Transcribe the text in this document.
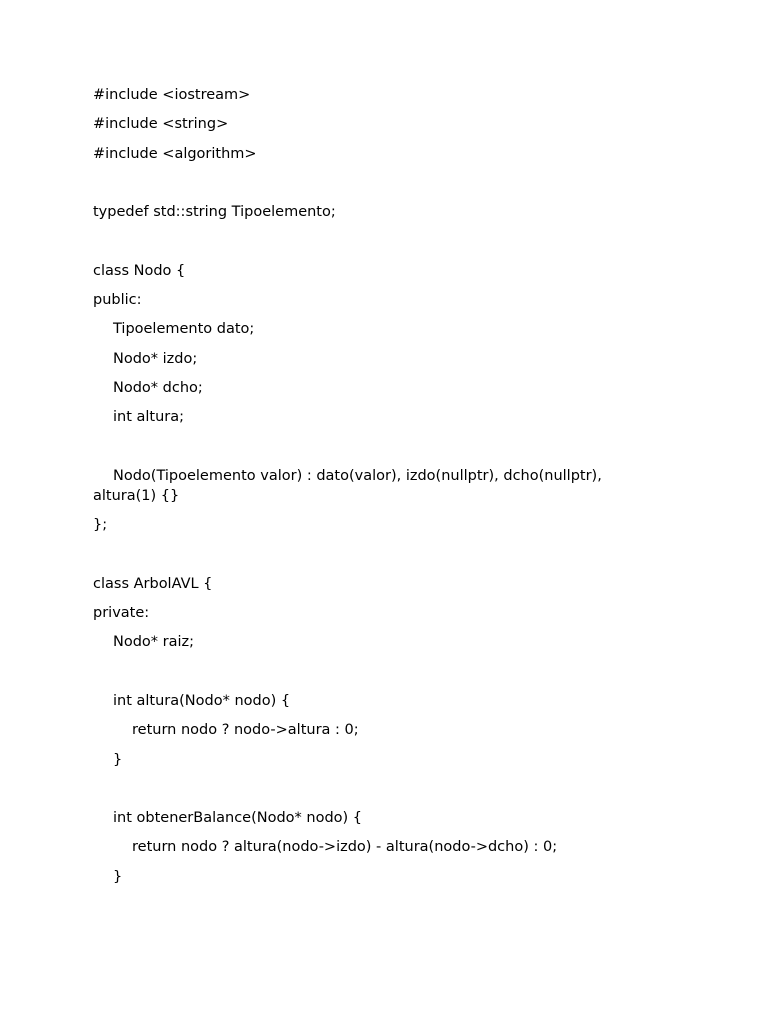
#include <iostream>
#include <string>
#include <algorithm>
typedef std::string Tipoelemento;
class Nodo {
public:
Tipoelemento dato;
Nodo* izdo;
Nodo* dcho;
int altura;
Nodo(Tipoelemento valor) : dato(valor), izdo(nullptr), dcho(nullptr), altura(1) {}
};
class ArbolAVL {
private:
Nodo* raiz;
int altura(Nodo* nodo) {
return nodo ? nodo->altura : 0;
}
int obtenerBalance(Nodo* nodo) {
return nodo ? altura(nodo->izdo) - altura(nodo->dcho) : 0;
}
